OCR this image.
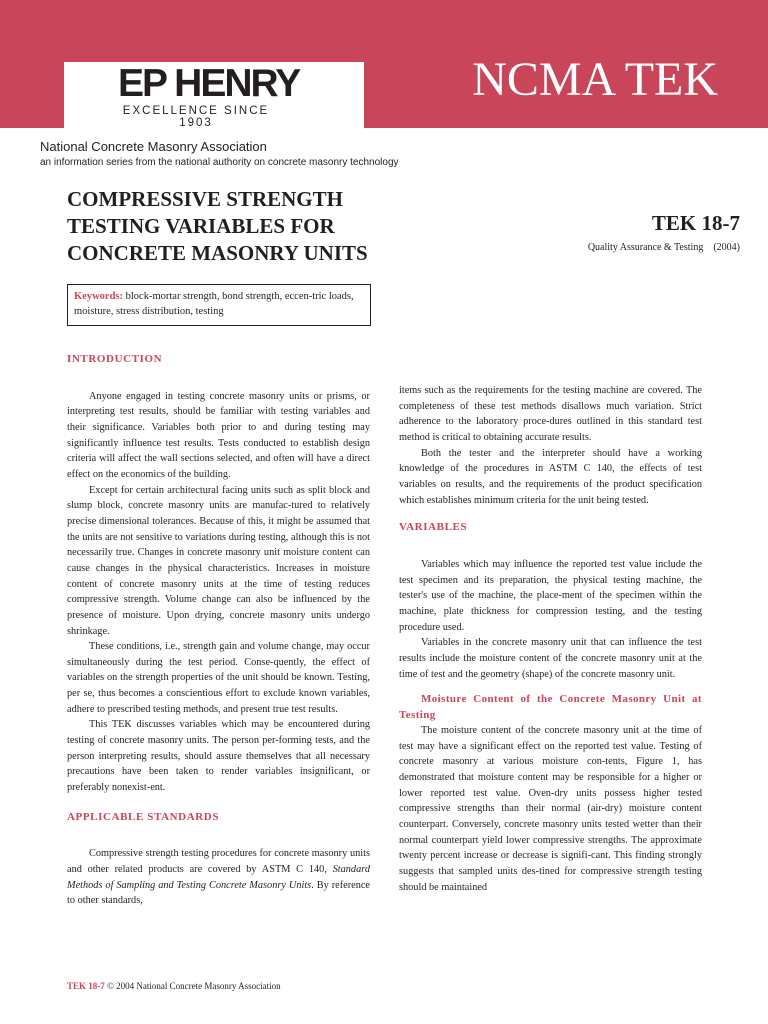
NCMA TEK
EP HENRY
EXCELLENCE SINCE 1903
National Concrete Masonry Association
an information series from the national authority on concrete masonry technology
COMPRESSIVE STRENGTH
TESTING VARIABLES FOR
CONCRETE MASONRY UNITS
TEK 18-7
Quality Assurance & Testing (2004)
Keywords: block-mortar strength, bond strength, eccen-tric loads, moisture, stress distribution, testing

INTRODUCTION

Anyone engaged in testing concrete masonry units or prisms, or interpreting test results, should be familiar with testing variables and their significance. Variables both prior to and during testing may significantly influence test results. Tests conducted to establish design criteria will affect the wall sections selected, and often will have a direct effect on the economics of the building.

Except for certain architectural facing units such as split block and slump block, concrete masonry units are manufac-tured to relatively precise dimensional tolerances. Because of this, it might be assumed that the units are not sensitive to variations during testing, although this is not necessarily true. Changes in concrete masonry unit moisture content can cause changes in the physical characteristics. Increases in moisture content of concrete masonry units at the time of testing reduces compressive strength. Volume change can also be influenced by the presence of moisture. Upon drying, concrete masonry units undergo shrinkage.

These conditions, i.e., strength gain and volume change, may occur simultaneously during the test period. Conse-quently, the effect of variables on the strength properties of the unit should be known. Testing, per se, thus becomes a conscientious effort to exclude known variables, adhere to prescribed testing methods, and present true test results.

This TEK discusses variables which may be encountered during testing of concrete masonry units. The person per-forming tests, and the person interpreting results, should assure themselves that all necessary precautions have been taken to render variables insignificant, or preferably nonexist-ent.

APPLICABLE STANDARDS

Compressive strength testing procedures for concrete masonry units and other related products are covered by ASTM C 140, Standard Methods of Sampling and Testing Concrete Masonry Units. By reference to other standards,

items such as the requirements for the testing machine are covered. The completeness of these test methods disallows much variation. Strict adherence to the laboratory proce-dures outlined in this standard test method is critical to obtaining accurate results.

Both the tester and the interpreter should have a working knowledge of the procedures in ASTM C 140, the effects of test variables on results, and the requirements of the product specification which establishes minimum criteria for the unit being tested.

VARIABLES

Variables which may influence the reported test value include the test specimen and its preparation, the physical testing machine, the tester's use of the machine, the place-ment of the specimen within the machine, plate thickness for compression testing, and the testing procedure used.

Variables in the concrete masonry unit that can influence the test results include the moisture content of the concrete masonry unit at the time of test and the geometry (shape) of the concrete masonry unit.

Moisture Content of the Concrete Masonry Unit at Testing

The moisture content of the concrete masonry unit at the time of test may have a significant effect on the reported test value. Testing of concrete masonry at various moisture con-tents, Figure 1, has demonstrated that moisture content may be responsible for a higher or lower reported test value. Oven-dry units possess higher tested compressive strengths than their normal (air-dry) moisture content counterpart. Conversely, concrete masonry units tested wetter than their normal counterpart yield lower compressive strengths. The approximate twenty percent increase or decrease is signifi-cant. This finding strongly suggests that sampled units des-tined for compressive strength testing should be maintained

TEK 18-7 © 2004 National Concrete Masonry Association
